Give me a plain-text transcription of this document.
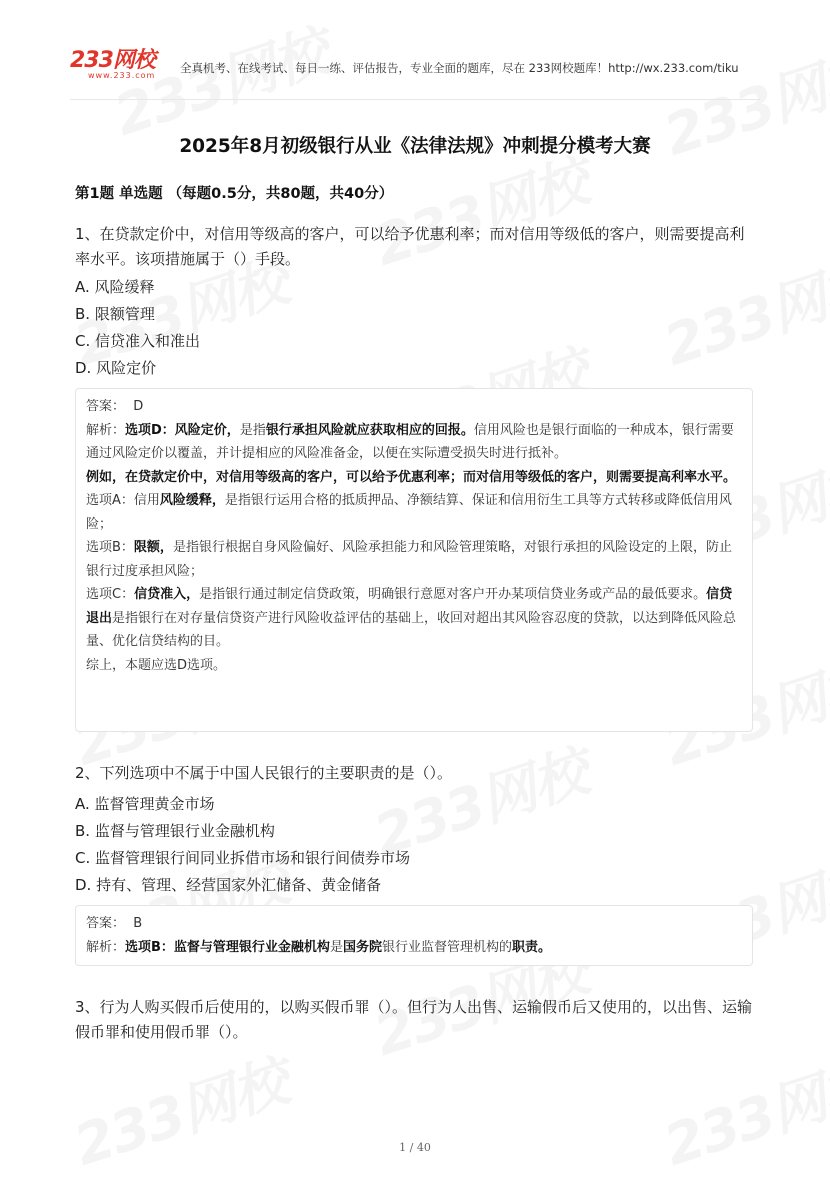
233网校
www.233.com
全真机考、在线考试、每日一练、评估报告，专业全面的题库，尽在 233网校题库！http://wx.233.com/tiku
2025年8月初级银行从业《法律法规》冲刺提分模考大赛
第1题 单选题 （每题0.5分，共80题，共40分）
1、在贷款定价中，对信用等级高的客户，可以给予优惠利率；而对信用等级低的客户，则需要提高利率水平。该项措施属于（）手段。
A. 风险缓释
B. 限额管理
C. 信贷准入和准出
D. 风险定价

答案： D

解析：选项D：风险定价，是指银行承担风险就应获取相应的回报。信用风险也是银行面临的一种成本，银行需要通过风险定价以覆盖，并计提相应的风险准备金，以便在实际遭受损失时进行抵补。

例如，在贷款定价中，对信用等级高的客户，可以给予优惠利率；而对信用等级低的客户，则需要提高利率水平。

选项A：信用风险缓释，是指银行运用合格的抵质押品、净额结算、保证和信用衍生工具等方式转移或降低信用风险；

选项B：限额，是指银行根据自身风险偏好、风险承担能力和风险管理策略，对银行承担的风险设定的上限，防止银行过度承担风险；

选项C：信贷准入，是指银行通过制定信贷政策，明确银行意愿对客户开办某项信贷业务或产品的最低要求。信贷退出是指银行在对存量信贷资产进行风险收益评估的基础上，收回对超出其风险容忍度的贷款，以达到降低风险总量、优化信贷结构的目。

综上，本题应选D选项。

2、下列选项中不属于中国人民银行的主要职责的是（）。
A. 监督管理黄金市场
B. 监督与管理银行业金融机构
C. 监督管理银行间同业拆借市场和银行间债券市场
D. 持有、管理、经营国家外汇储备、黄金储备

答案： B

解析：选项B：监督与管理银行业金融机构是国务院银行业监督管理机构的职责。

3、行为人购买假币后使用的，以购买假币罪（）。但行为人出售、运输假币后又使用的，以出售、运输假币罪和使用假币罪（）。
1 / 40
